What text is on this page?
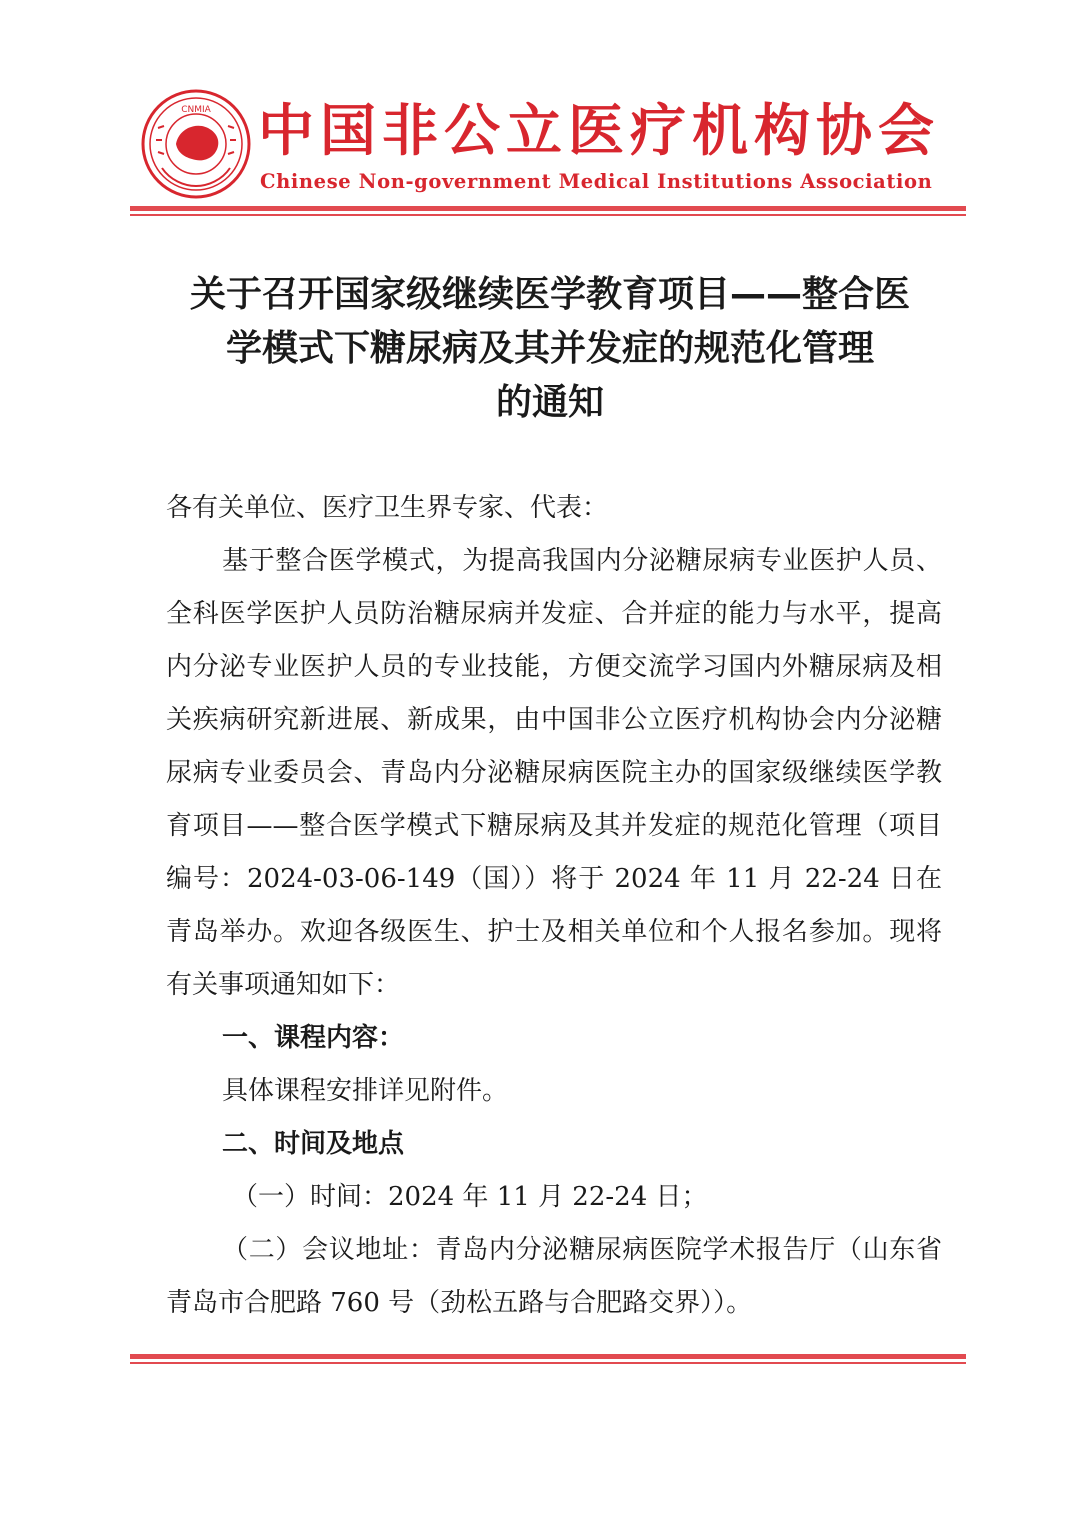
CNMIA 中国非公立医疗机构协会
Chinese Non-government Medical Institutions Association
关于召开国家级继续医学教育项目——整合医
学模式下糖尿病及其并发症的规范化管理
的通知

各有关单位、医疗卫生界专家、代表：

基于整合医学模式，为提高我国内分泌糖尿病专业医护人员、全科医学医护人员防治糖尿病并发症、合并症的能力与水平，提高内分泌专业医护人员的专业技能，方便交流学习国内外糖尿病及相关疾病研究新进展、新成果，由中国非公立医疗机构协会内分泌糖尿病专业委员会、青岛内分泌糖尿病医院主办的国家级继续医学教育项目——整合医学模式下糖尿病及其并发症的规范化管理（项目编号：2024-03-06-149（国））将于 2024 年 11 月 22-24 日在青岛举办。欢迎各级医生、护士及相关单位和个人报名参加。现将有关事项通知如下：

一、课程内容：

具体课程安排详见附件。

二、时间及地点

（一）时间：2024 年 11 月 22-24 日；

（二）会议地址：青岛内分泌糖尿病医院学术报告厅（山东省青岛市合肥路 760 号（劲松五路与合肥路交界））。
